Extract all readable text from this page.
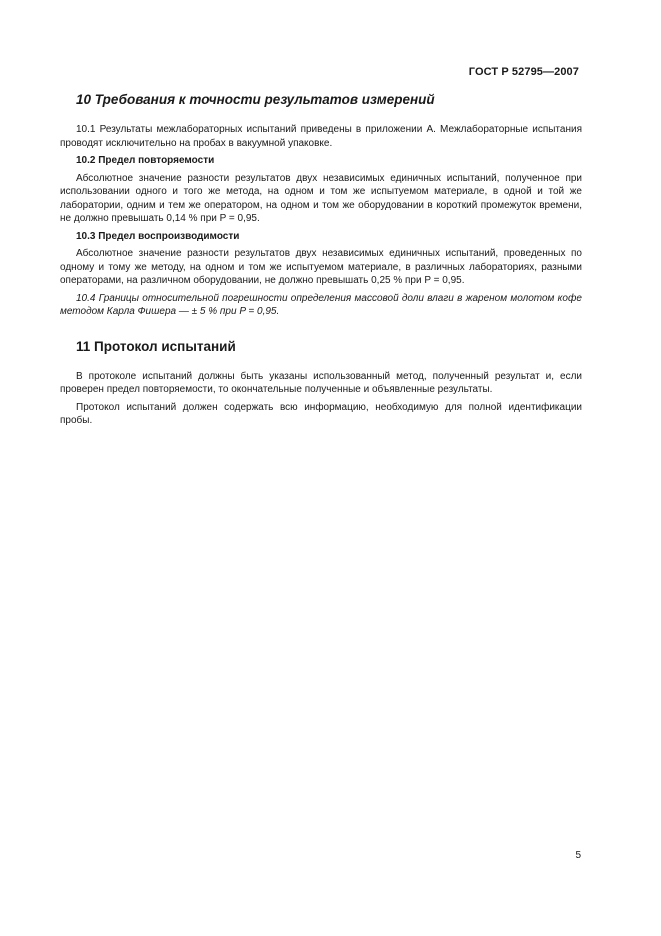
ГОСТ Р 52795—2007
10 Требования к точности результатов измерений

10.1 Результаты межлабораторных испытаний приведены в приложении А. Межлабораторные испытания проводят исключительно на пробах в вакуумной упаковке.

10.2 Предел повторяемости

Абсолютное значение разности результатов двух независимых единичных испытаний, полученное при использовании одного и того же метода, на одном и том же испытуемом материале, в одной и той же лаборатории, одним и тем же оператором, на одном и том же оборудовании в короткий промежуток времени, не должно превышать 0,14 % при P = 0,95.

10.3 Предел воспроизводимости

Абсолютное значение разности результатов двух независимых единичных испытаний, проведенных по одному и тому же методу, на одном и том же испытуемом материале, в различных лабораториях, разными операторами, на различном оборудовании, не должно превышать 0,25 % при P = 0,95.

10.4 Границы относительной погрешности определения массовой доли влаги в жареном молотом кофе методом Карла Фишера — ± 5 % при P = 0,95.

11 Протокол испытаний

В протоколе испытаний должны быть указаны использованный метод, полученный результат и, если проверен предел повторяемости, то окончательные полученные и объявленные результаты.

Протокол испытаний должен содержать всю информацию, необходимую для полной идентификации пробы.

5
